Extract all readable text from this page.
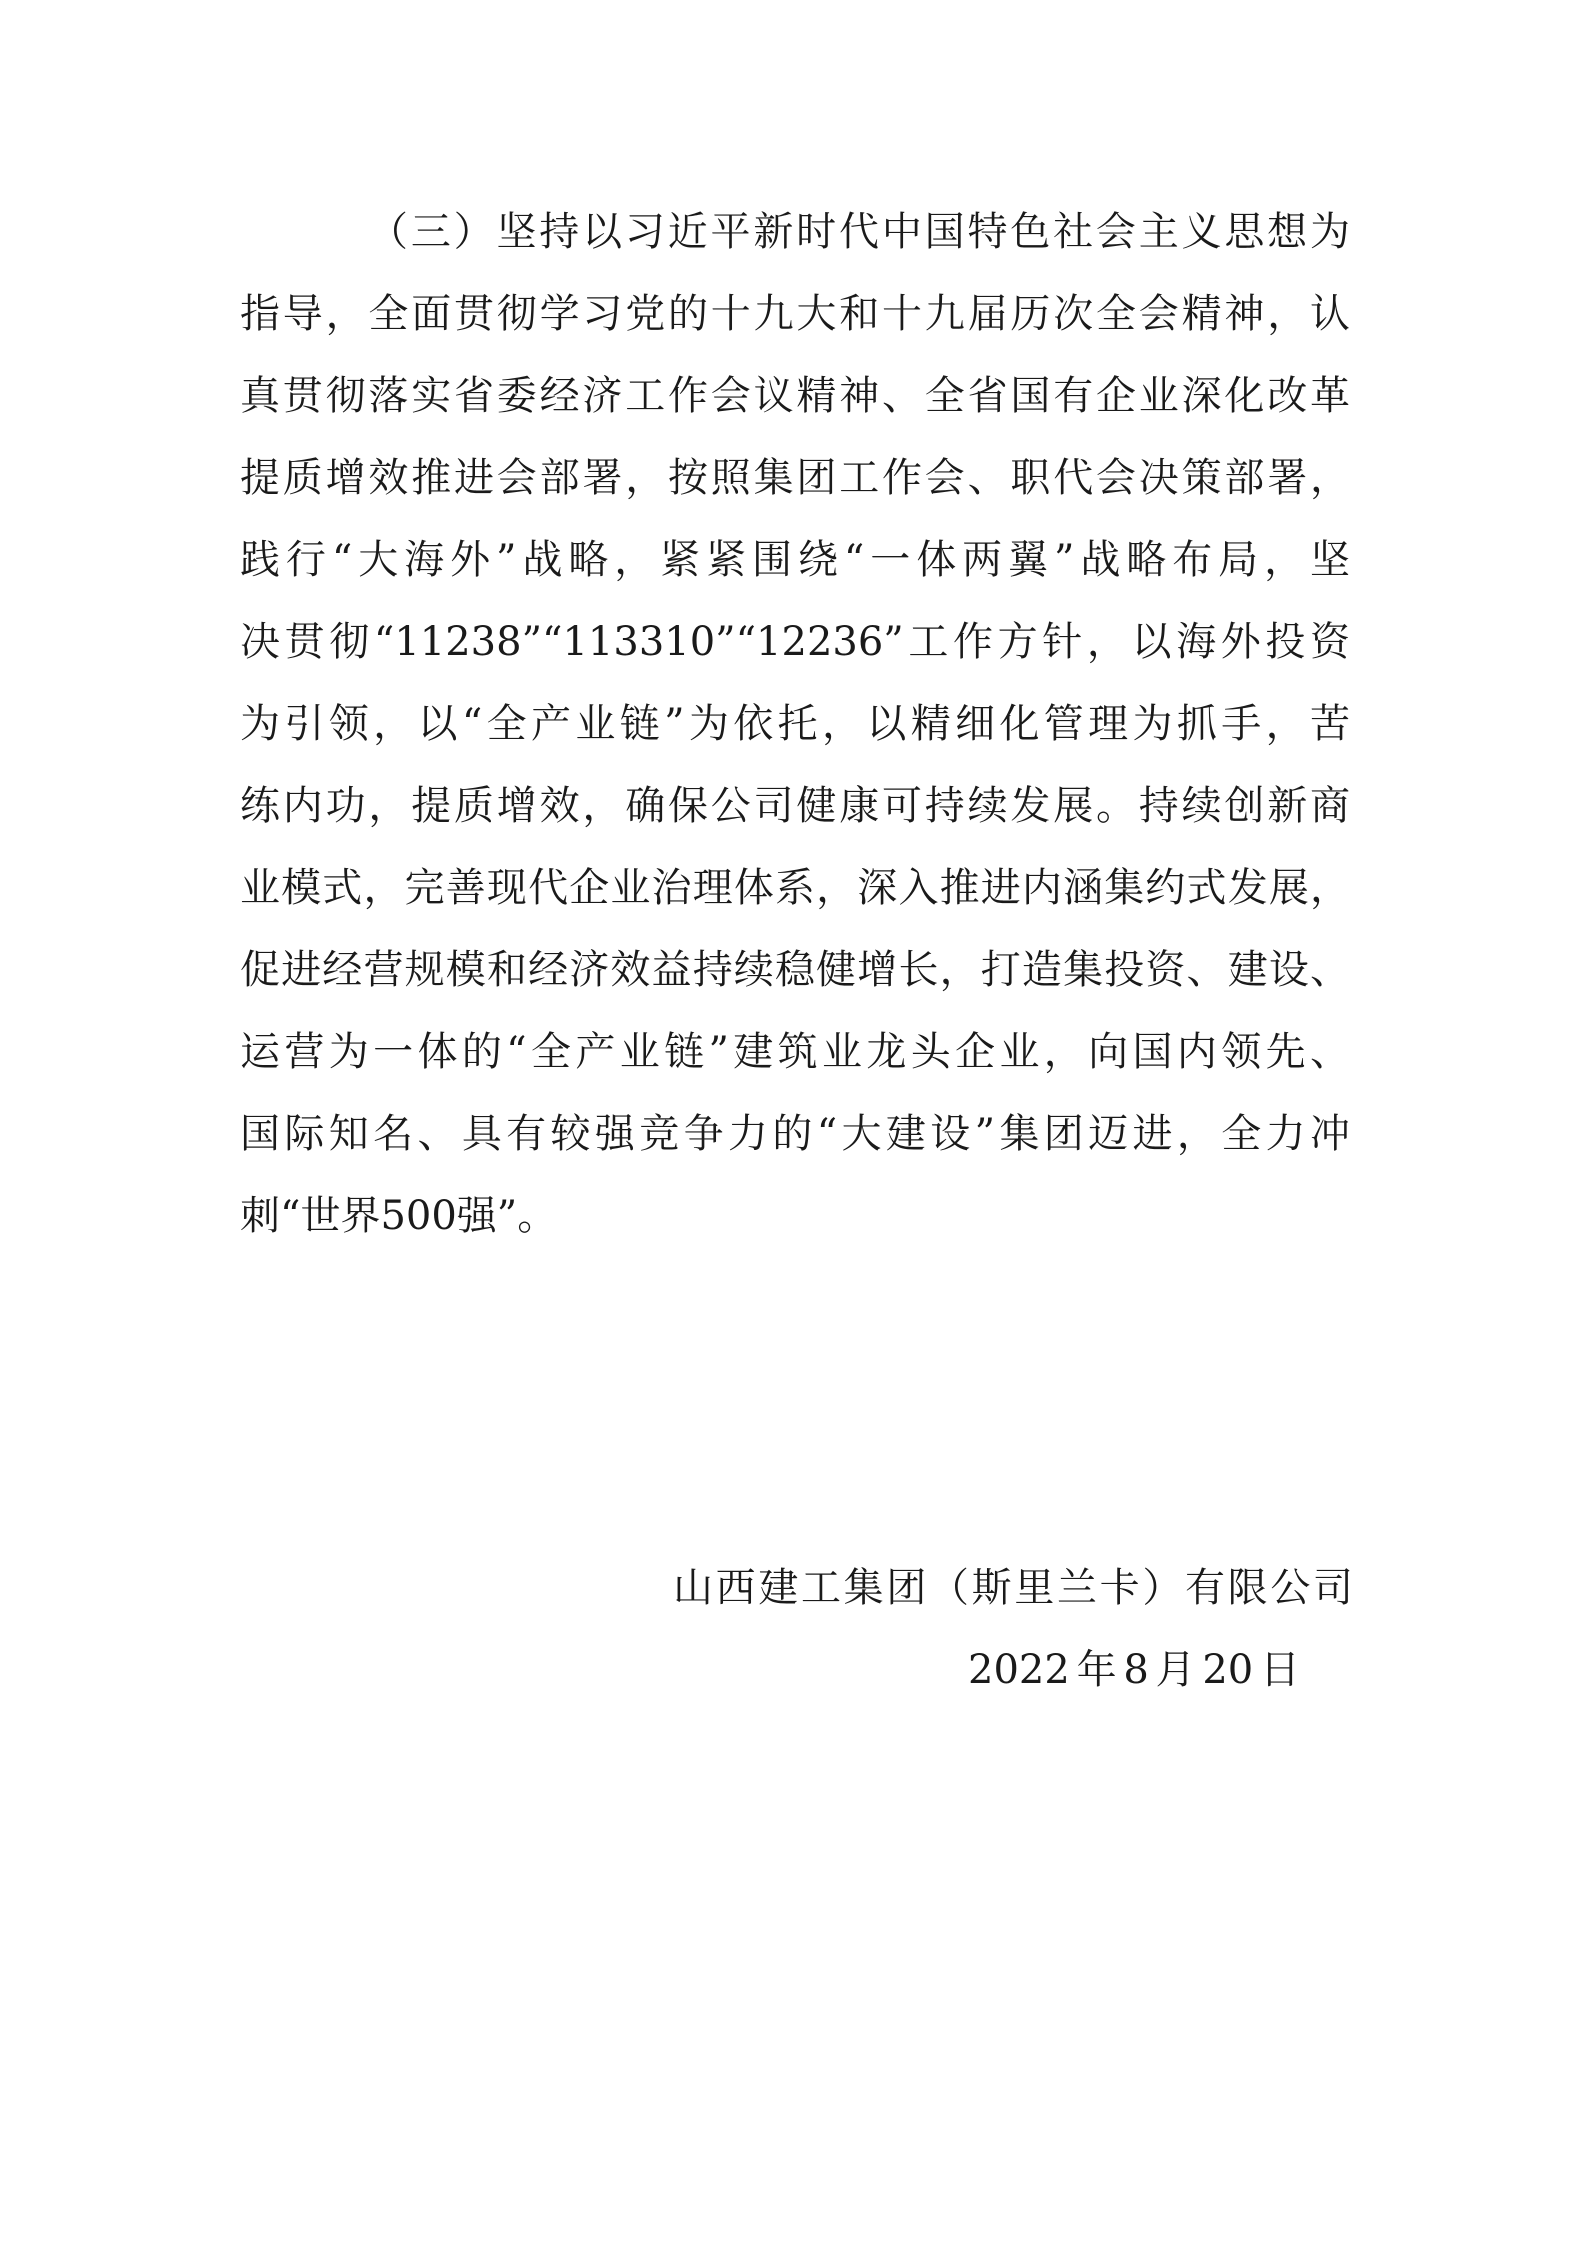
（三）坚持以习近平新时代中国特色社会主义思想为
指导，全面贯彻学习党的十九大和十九届历次全会精神，认
真贯彻落实省委经济工作会议精神、全省国有企业深化改革
提质增效推进会部署，按照集团工作会、职代会决策部署，
践行“大海外”战略，紧紧围绕“一体两翼”战略布局，坚
决贯彻“11238”“113310”“12236”工作方针，以海外投资
为引领，以“全产业链”为依托，以精细化管理为抓手，苦
练内功，提质增效，确保公司健康可持续发展。持续创新商
业模式，完善现代企业治理体系，深入推进内涵集约式发展，
促进经营规模和经济效益持续稳健增长，打造集投资、建设、
运营为一体的“全产业链”建筑业龙头企业，向国内领先、
国际知名、具有较强竞争力的“大建设”集团迈进，全力冲
刺“世界500强”。
山西建工集团（斯里兰卡）有限公司
2022年8月20日
